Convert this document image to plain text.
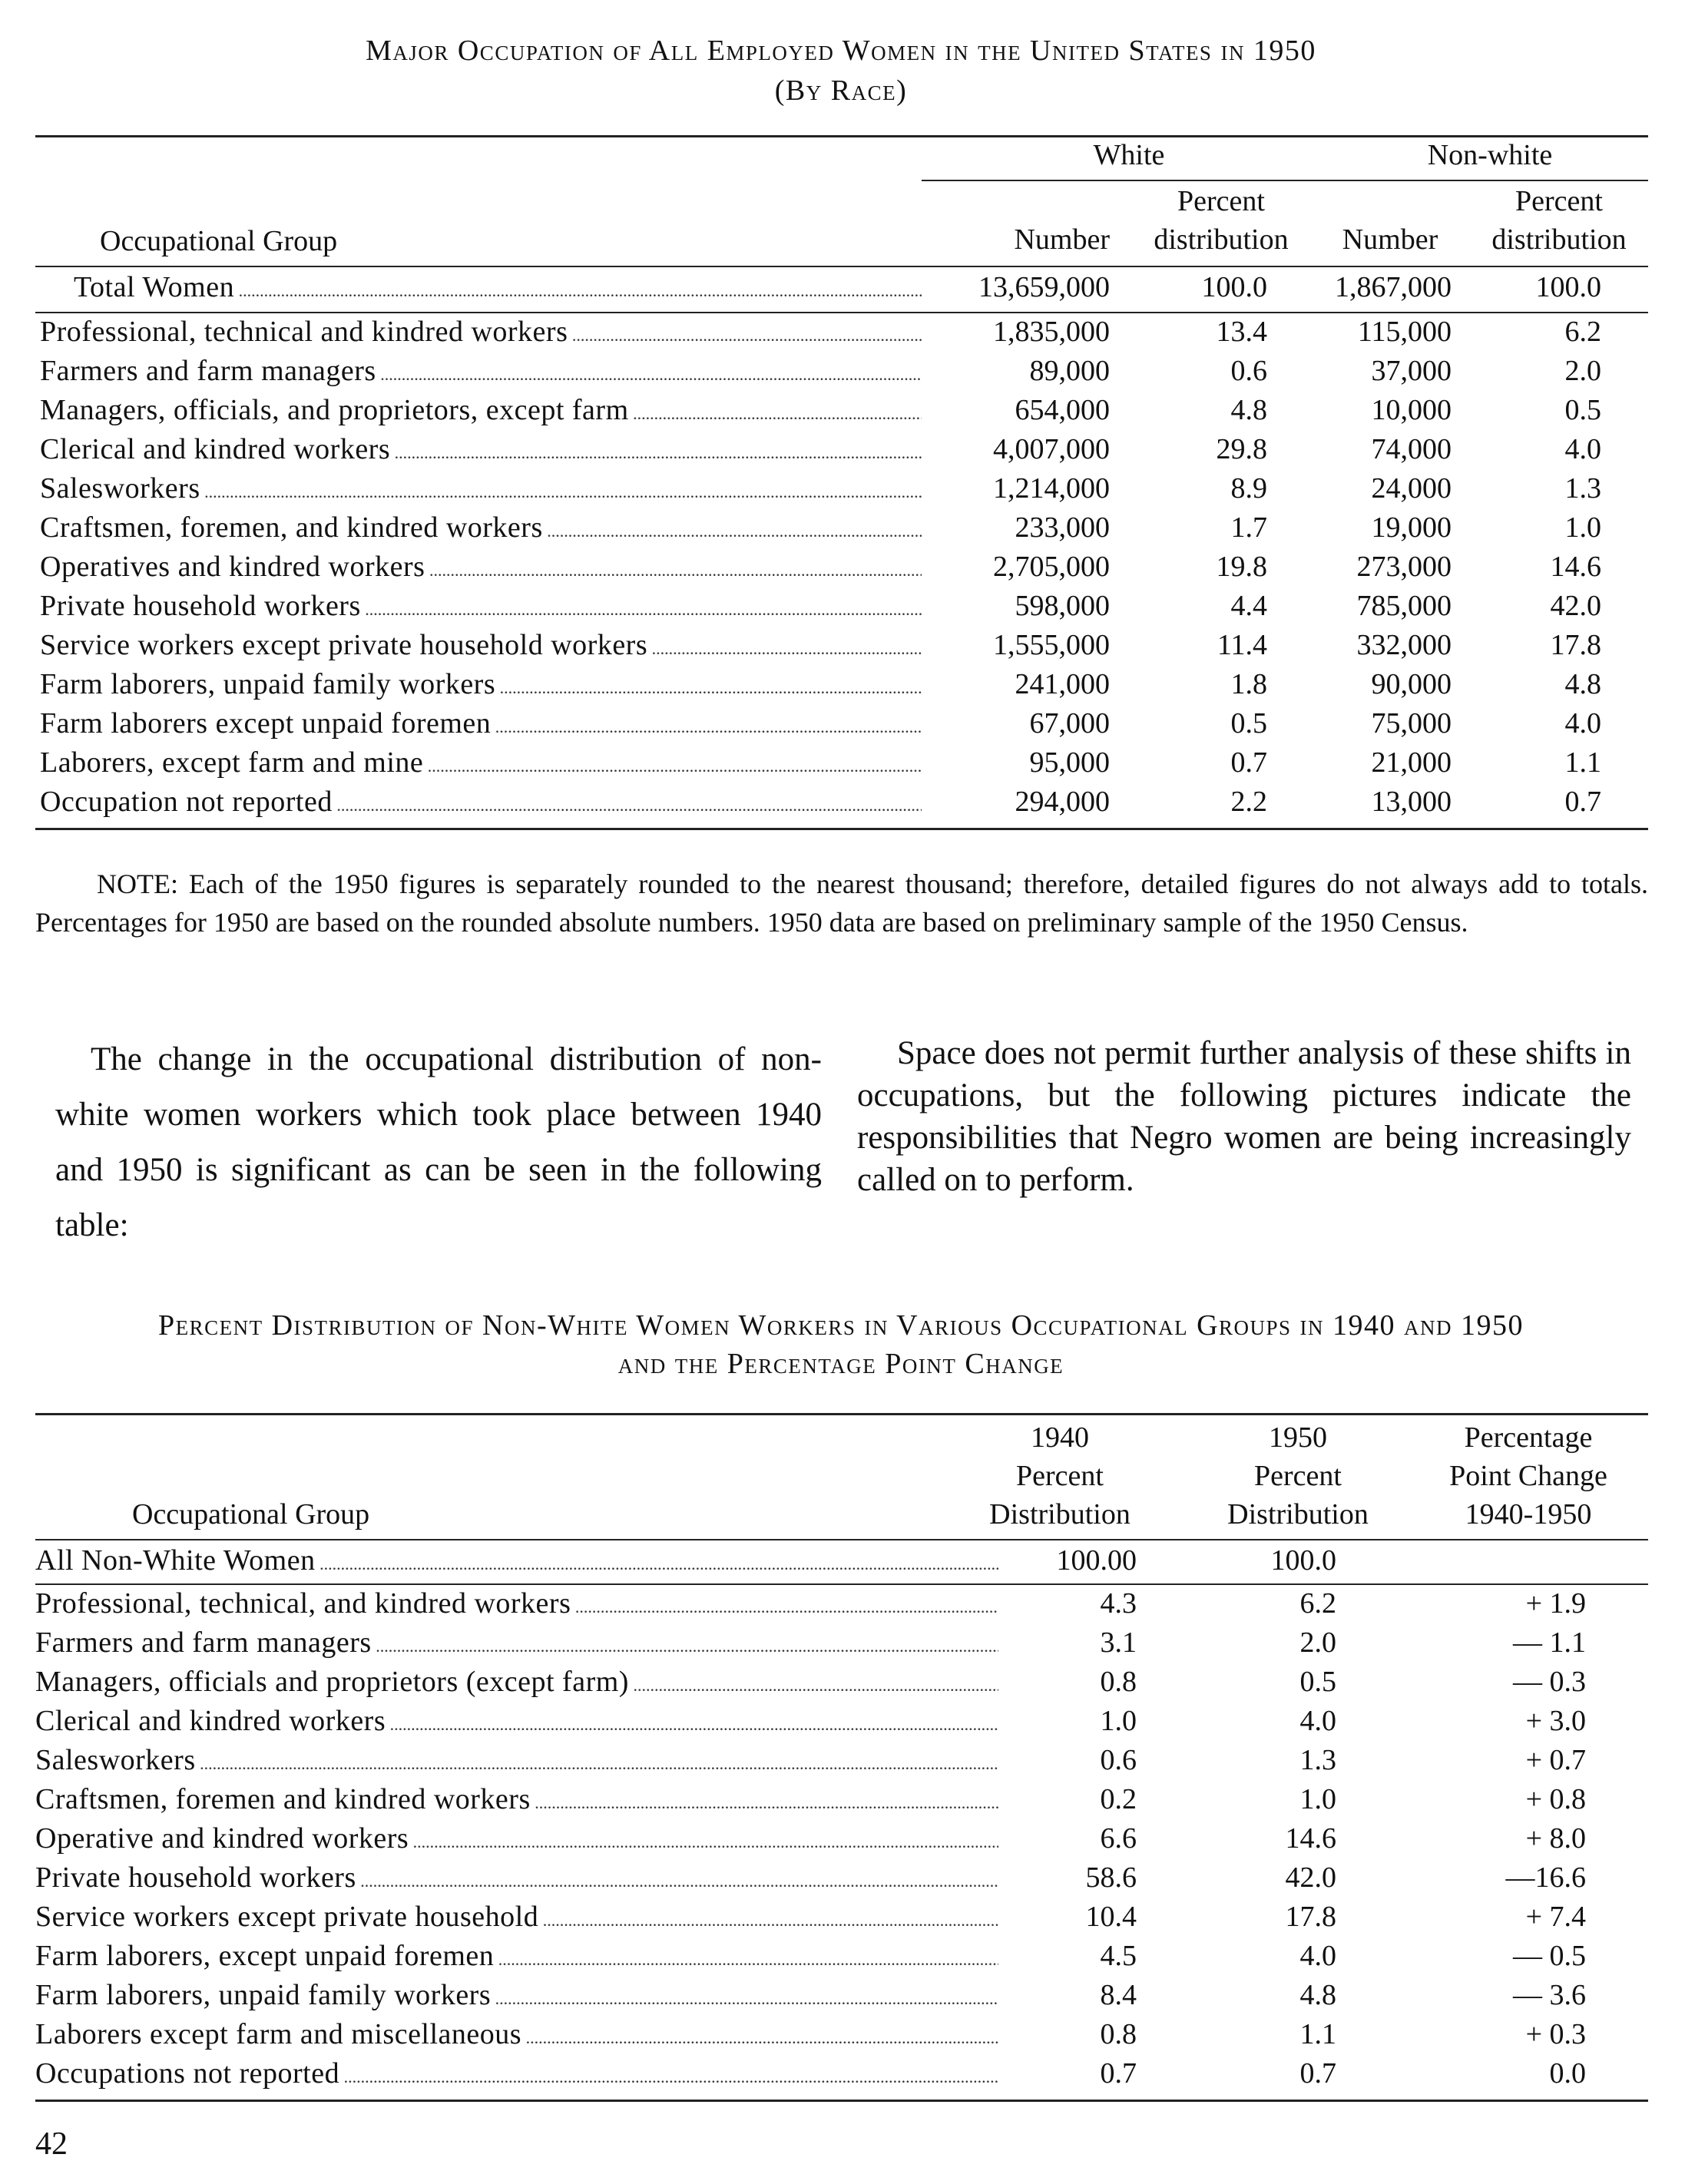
Major Occupation of All Employed Women in the United States in 1950
(By Race)
White	Non-white
Percent	Percent
Occupational Group	Number	distribution	Number	distribution
Total Women .....	13,659,000	100.0	1,867,000	100.0
Professional, technical and kindred workers .....	1,835,000	13.4	115,000	6.2
Farmers and farm managers .....	89,000	0.6	37,000	2.0
Managers, officials, and proprietors, except farm .....	654,000	4.8	10,000	0.5
Clerical and kindred workers .....	4,007,000	29.8	74,000	4.0
Salesworkers .....	1,214,000	8.9	24,000	1.3
Craftsmen, foremen, and kindred workers .....	233,000	1.7	19,000	1.0
Operatives and kindred workers .....	2,705,000	19.8	273,000	14.6
Private household workers .....	598,000	4.4	785,000	42.0
Service workers except private household workers .....	1,555,000	11.4	332,000	17.8
Farm laborers, unpaid family workers .....	241,000	1.8	90,000	4.8
Farm laborers except unpaid foremen .....	67,000	0.5	75,000	4.0
Laborers, except farm and mine .....	95,000	0.7	21,000	1.1
Occupation not reported .....	294,000	2.2	13,000	0.7
NOTE: Each of the 1950 figures is separately rounded to the nearest thousand; therefore, detailed figures do not always add to totals. Percentages for 1950 are based on the rounded absolute numbers. 1950 data are based on preliminary sample of the 1950 Census.
The change in the occupational distribution of non-white women workers which took place between 1940 and 1950 is significant as can be seen in the following table:
Space does not permit further analysis of these shifts in occupations, but the following pictures indicate the responsibilities that Negro women are being increasingly called on to perform.
Percent Distribution of Non-White Women Workers in Various Occupational Groups in 1940 and 1950
and the Percentage Point Change
1940	1950	Percentage
Percent	Percent	Point Change
Occupational Group	Distribution	Distribution	1940-1950
All Non-White Women .....	100.00	100.0
Professional, technical, and kindred workers .....	4.3	6.2	+ 1.9
Farmers and farm managers .....	3.1	2.0	— 1.1
Managers, officials and proprietors (except farm) .....	0.8	0.5	— 0.3
Clerical and kindred workers .....	1.0	4.0	+ 3.0
Salesworkers .....	0.6	1.3	+ 0.7
Craftsmen, foremen and kindred workers .....	0.2	1.0	+ 0.8
Operative and kindred workers .....	6.6	14.6	+ 8.0
Private household workers .....	58.6	42.0	—16.6
Service workers except private household .....	10.4	17.8	+ 7.4
Farm laborers, except unpaid foremen .....	4.5	4.0	— 0.5
Farm laborers, unpaid family workers .....	8.4	4.8	— 3.6
Laborers except farm and miscellaneous .....	0.8	1.1	+ 0.3
Occupations not reported .....	0.7	0.7	0.0
42
